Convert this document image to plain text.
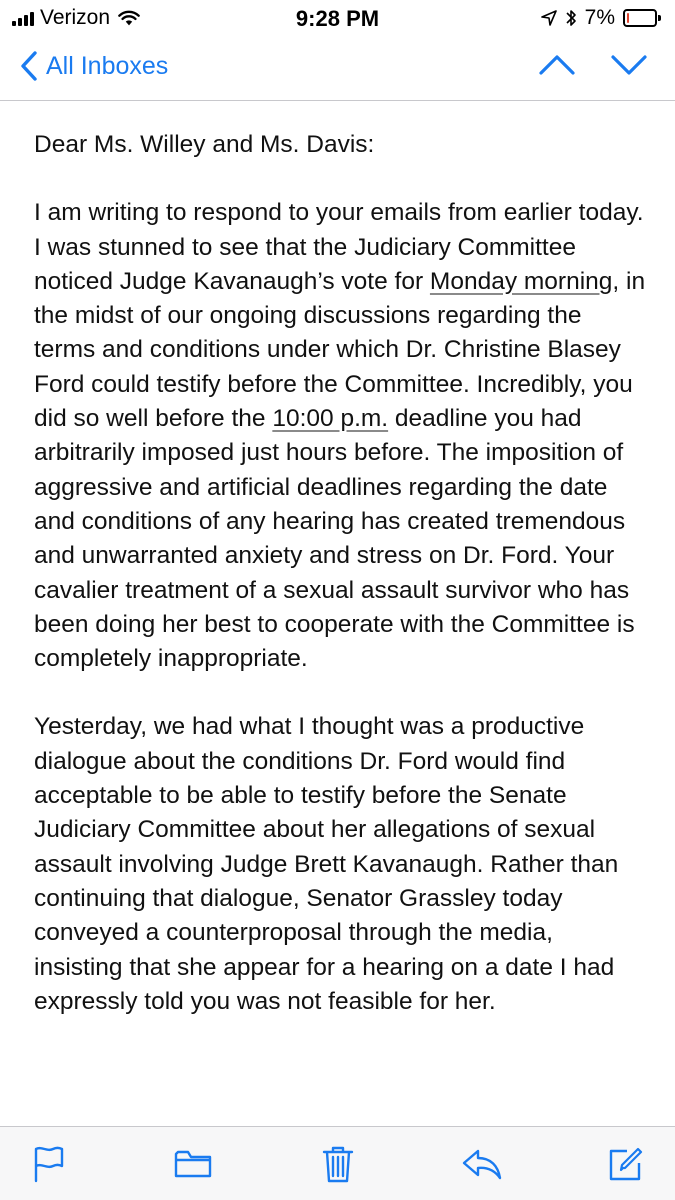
Verizon	9:28 PM	7%
All Inboxes

Dear Ms. Willey and Ms. Davis:

I am writing to respond to your emails from earlier today. I was stunned to see that the Judiciary Committee noticed Judge Kavanaugh’s vote for Monday morning, in the midst of our ongoing discussions regarding the terms and conditions under which Dr. Christine Blasey Ford could testify before the Committee. Incredibly, you did so well before the 10:00 p.m. deadline you had arbitrarily imposed just hours before. The imposition of aggressive and artificial deadlines regarding the date and conditions of any hearing has created tremendous and unwarranted anxiety and stress on Dr. Ford. Your cavalier treatment of a sexual assault survivor who has been doing her best to cooperate with the Committee is completely inappropriate.

Yesterday, we had what I thought was a productive dialogue about the conditions Dr. Ford would find acceptable to be able to testify before the Senate Judiciary Committee about her allegations of sexual assault involving Judge Brett Kavanaugh. Rather than continuing that dialogue, Senator Grassley today conveyed a counterproposal through the media, insisting that she appear for a hearing on a date I had expressly told you was not feasible for her.
